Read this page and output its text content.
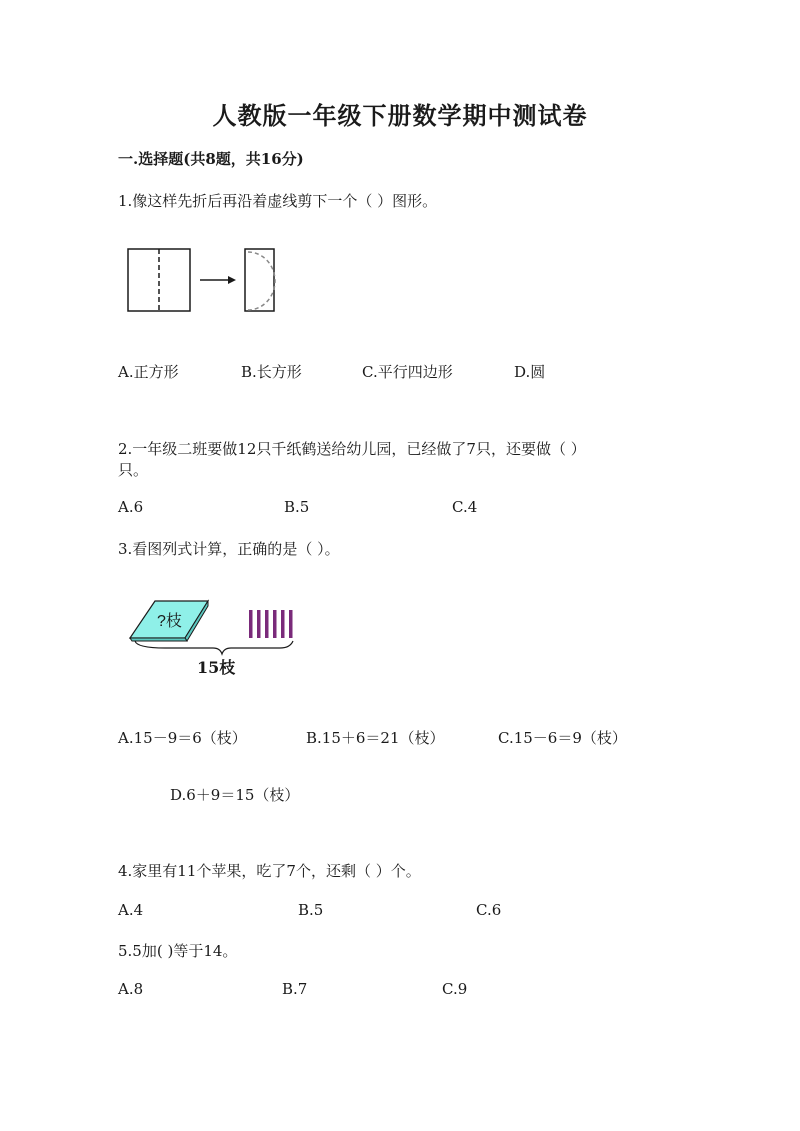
人教版一年级下册数学期中测试卷
一.选择题(共8题，共16分)
1.像这样先折后再沿着虚线剪下一个（ ）图形。
A.正方形	B.长方形	C.平行四边形	D.圆
2.一年级二班要做12只千纸鹤送给幼儿园，已经做了7只，还要做（ ）
只。
A.6	B.5	C.4
3.看图列式计算，正确的是（ ）。
?枝
15枝
A.15－9＝6（枝）	B.15＋6＝21（枝）	C.15－6＝9（枝）
D.6＋9＝15（枝）
4.家里有11个苹果，吃了7个，还剩（ ）个。
A.4	B.5	C.6
5.5加( )等于14。
A.8	B.7	C.9
